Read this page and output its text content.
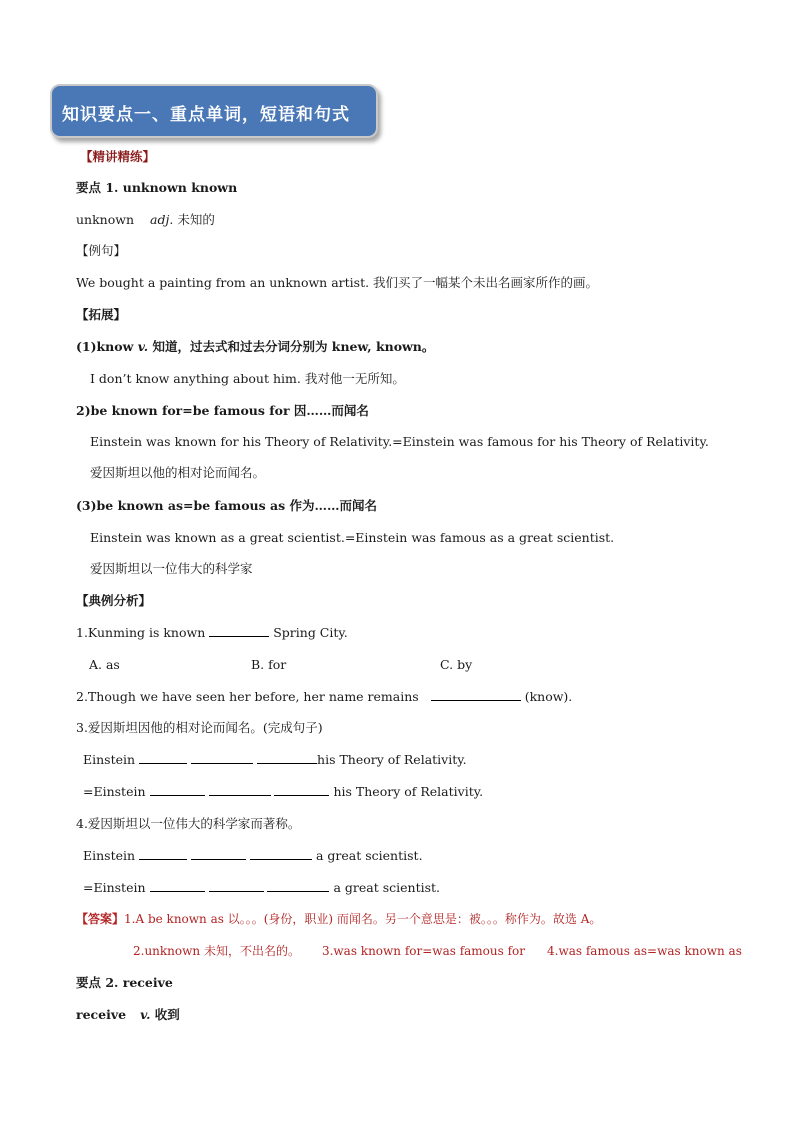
知识要点一、重点单词，短语和句式
【精讲精练】
要点 1. unknown known
unknown adj. 未知的
【例句】
We bought a painting from an unknown artist. 我们买了一幅某个未出名画家所作的画。
【拓展】
(1)know v. 知道，过去式和过去分词分别为 knew, known。
I don’t know anything about him. 我对他一无所知。
2)be known for=be famous for 因……而闻名
Einstein was known for his Theory of Relativity.=Einstein was famous for his Theory of Relativity.
爱因斯坦以他的相对论而闻名。
(3)be known as=be famous as 作为……而闻名
Einstein was known as a great scientist.=Einstein was famous as a great scientist.
爱因斯坦以一位伟大的科学家
【典例分析】
1.Kunming is known	Spring City.
A. as	B. for	C. by
2.Though we have seen her before, her name remains	(know).
3.爱因斯坦因他的相对论而闻名。(完成句子)
Einstein	his Theory of Relativity.
=Einstein	his Theory of Relativity.
4.爱因斯坦以一位伟大的科学家而著称。
Einstein	a great scientist.
=Einstein	a great scientist.
【答案】1.A be known as 以。。。(身份，职业) 而闻名。另一个意思是：被。。。称作为。故选 A。
2.unknown 未知，不出名的。 3.was known for=was famous for 4.was famous as=was known as
要点 2. receive
receive v. 收到
